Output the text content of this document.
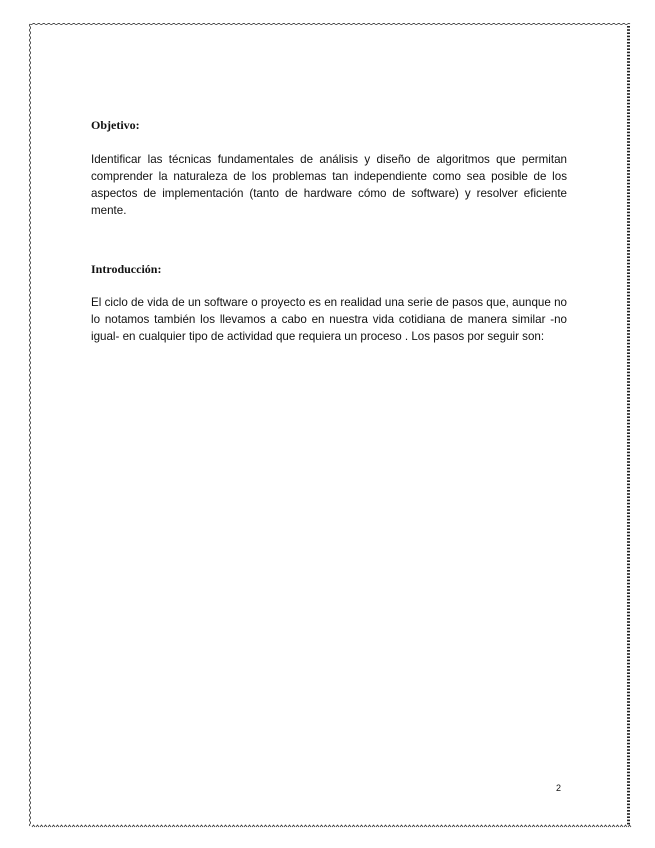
Objetivo:

Identificar las técnicas fundamentales de análisis y diseño de algoritmos que permitan comprender la naturaleza de los problemas tan independiente como sea posible de los aspectos de implementación (tanto de hardware cómo de software) y resolver eficiente mente.

Introducción:

El ciclo de vida de un software o proyecto es en realidad una serie de pasos que, aunque no lo notamos también los llevamos a cabo en nuestra vida cotidiana de manera similar -no igual- en cualquier tipo de actividad que requiera un proceso . Los pasos por seguir son:

2
